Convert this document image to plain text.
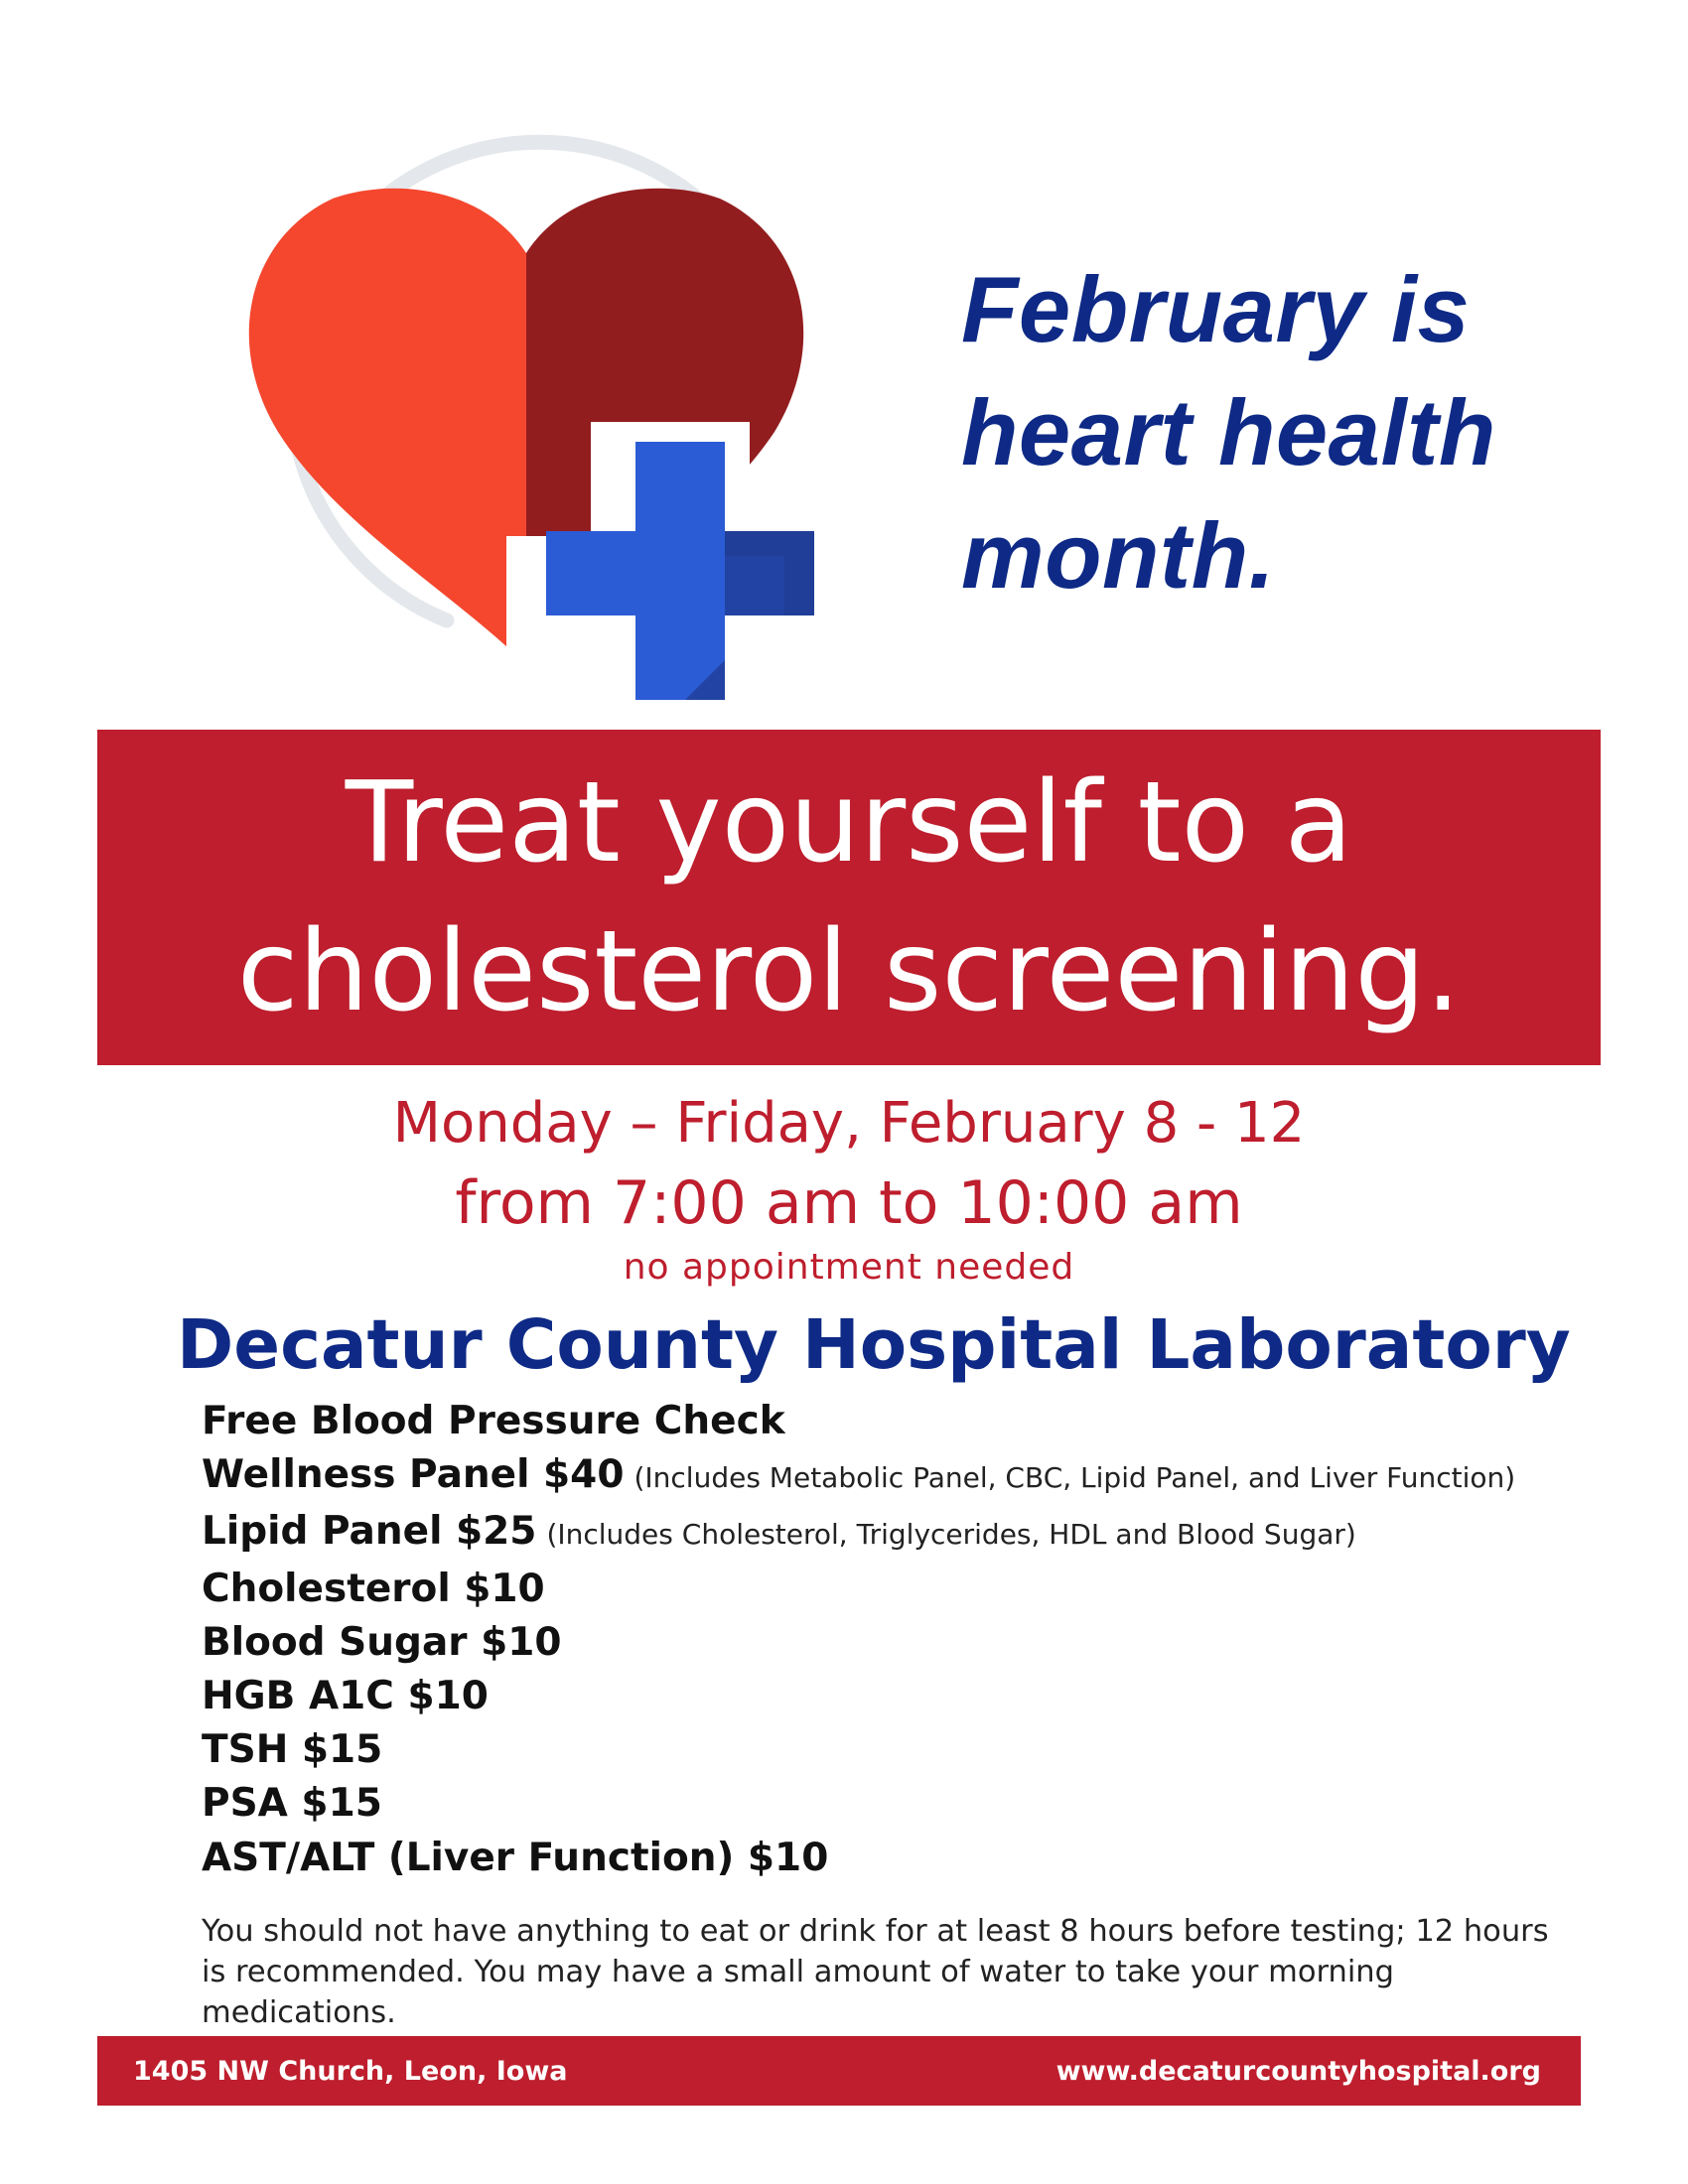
February is
heart health
month.
Treat yourself to a
cholesterol screening.
Monday – Friday, February 8 - 12
from 7:00 am to 10:00 am
no appointment needed
Decatur County Hospital Laboratory
Free Blood Pressure Check
Wellness Panel $40 (Includes Metabolic Panel, CBC, Lipid Panel, and Liver Function)
Lipid Panel $25 (Includes Cholesterol, Triglycerides, HDL and Blood Sugar)
Cholesterol $10
Blood Sugar $10
HGB A1C $10
TSH $15
PSA $15
AST/ALT (Liver Function) $10
You should not have anything to eat or drink for at least 8 hours before testing; 12 hours is recommended. You may have a small amount of water to take your morning medications.
1405 NW Church, Leon, Iowa	www.decaturcountyhospital.org
